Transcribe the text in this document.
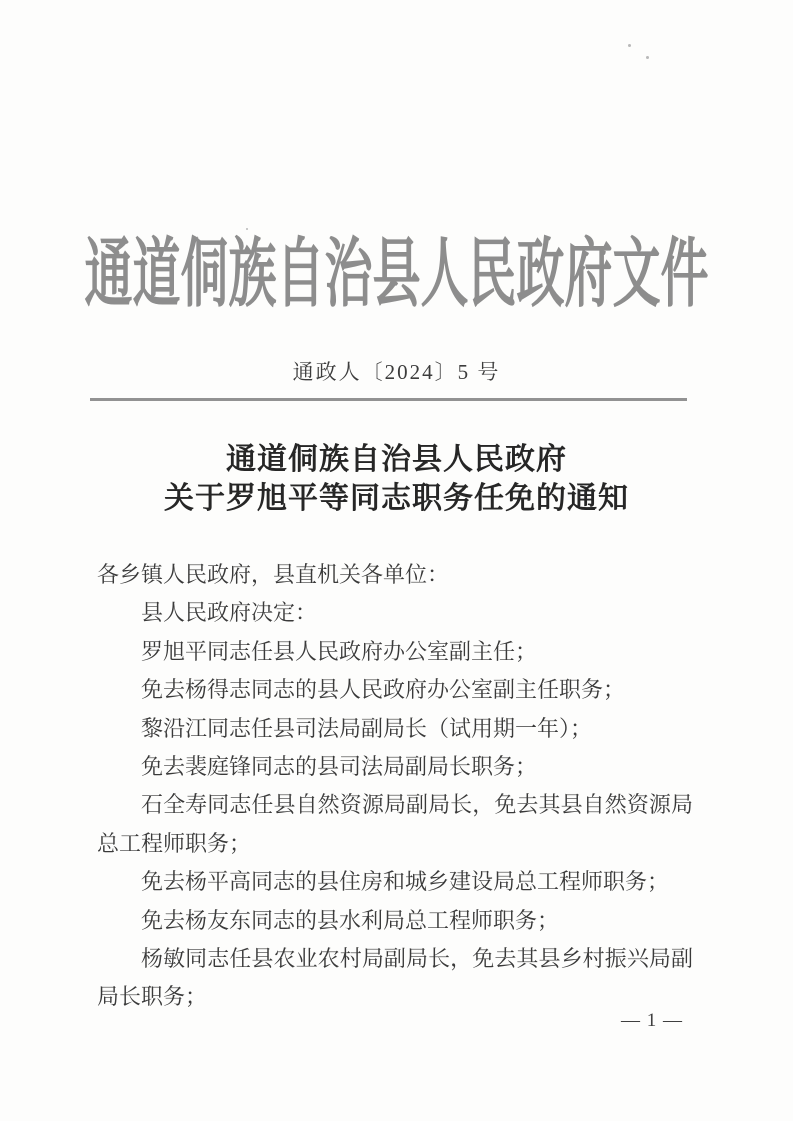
通道侗族自治县人民政府文件
通政人〔2024〕5 号
通道侗族自治县人民政府
关于罗旭平等同志职务任免的通知
各乡镇人民政府，县直机关各单位：
县人民政府决定：
罗旭平同志任县人民政府办公室副主任；
免去杨得志同志的县人民政府办公室副主任职务；
黎沿江同志任县司法局副局长（试用期一年）；
免去裴庭锋同志的县司法局副局长职务；
石全寿同志任县自然资源局副局长，免去其县自然资源局总工程师职务；
免去杨平高同志的县住房和城乡建设局总工程师职务；
免去杨友东同志的县水利局总工程师职务；
杨敏同志任县农业农村局副局长，免去其县乡村振兴局副局长职务；
— 1 —
